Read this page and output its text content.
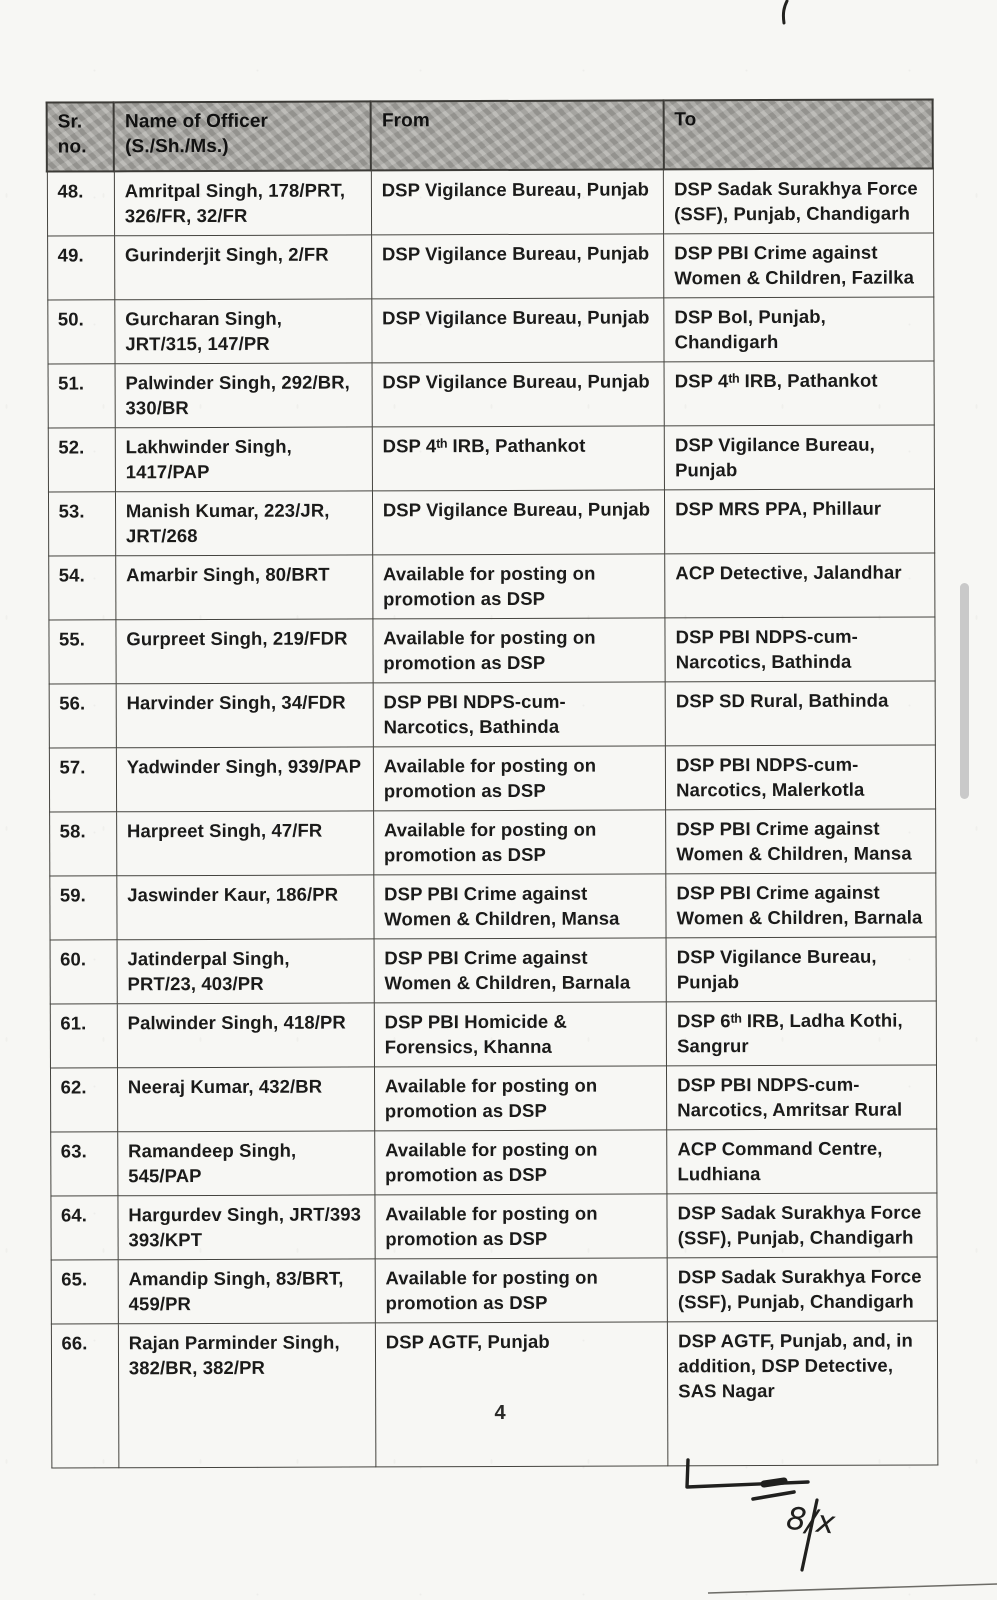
Sr. no.	Name of Officer (S./Sh./Ms.)	From	To
48.	Amritpal Singh, 178/PRT, 326/FR, 32/FR	DSP Vigilance Bureau, Punjab	DSP Sadak Surakhya Force (SSF), Punjab, Chandigarh
49.	Gurinderjit Singh, 2/FR	DSP Vigilance Bureau, Punjab	DSP PBI Crime against Women & Children, Fazilka
50.	Gurcharan Singh, JRT/315, 147/PR	DSP Vigilance Bureau, Punjab	DSP BoI, Punjab, Chandigarh
51.	Palwinder Singh, 292/BR, 330/BR	DSP Vigilance Bureau, Punjab	DSP 4ᵗʰ IRB, Pathankot
52.	Lakhwinder Singh, 1417/PAP	DSP 4ᵗʰ IRB, Pathankot	DSP Vigilance Bureau, Punjab
53.	Manish Kumar, 223/JR, JRT/268	DSP Vigilance Bureau, Punjab	DSP MRS PPA, Phillaur
54.	Amarbir Singh, 80/BRT	Available for posting on promotion as DSP	ACP Detective, Jalandhar
55.	Gurpreet Singh, 219/FDR	Available for posting on promotion as DSP	DSP PBI NDPS-cum-Narcotics, Bathinda
56.	Harvinder Singh, 34/FDR	DSP PBI NDPS-cum-Narcotics, Bathinda	DSP SD Rural, Bathinda
57.	Yadwinder Singh, 939/PAP	Available for posting on promotion as DSP	DSP PBI NDPS-cum-Narcotics, Malerkotla
58.	Harpreet Singh, 47/FR	Available for posting on promotion as DSP	DSP PBI Crime against Women & Children, Mansa
59.	Jaswinder Kaur, 186/PR	DSP PBI Crime against Women & Children, Mansa	DSP PBI Crime against Women & Children, Barnala
60.	Jatinderpal Singh, PRT/23, 403/PR	DSP PBI Crime against Women & Children, Barnala	DSP Vigilance Bureau, Punjab
61.	Palwinder Singh, 418/PR	DSP PBI Homicide & Forensics, Khanna	DSP 6ᵗʰ IRB, Ladha Kothi, Sangrur
62.	Neeraj Kumar, 432/BR	Available for posting on promotion as DSP	DSP PBI NDPS-cum-Narcotics, Amritsar Rural
63.	Ramandeep Singh, 545/PAP	Available for posting on promotion as DSP	ACP Command Centre, Ludhiana
64.	Hargurdev Singh, JRT/393 393/KPT	Available for posting on promotion as DSP	DSP Sadak Surakhya Force (SSF), Punjab, Chandigarh
65.	Amandip Singh, 83/BRT, 459/PR	Available for posting on promotion as DSP	DSP Sadak Surakhya Force (SSF), Punjab, Chandigarh
66.	Rajan Parminder Singh, 382/BR, 382/PR	DSP AGTF, Punjab	DSP AGTF, Punjab, and, in addition, DSP Detective, SAS Nagar
4
8/x
